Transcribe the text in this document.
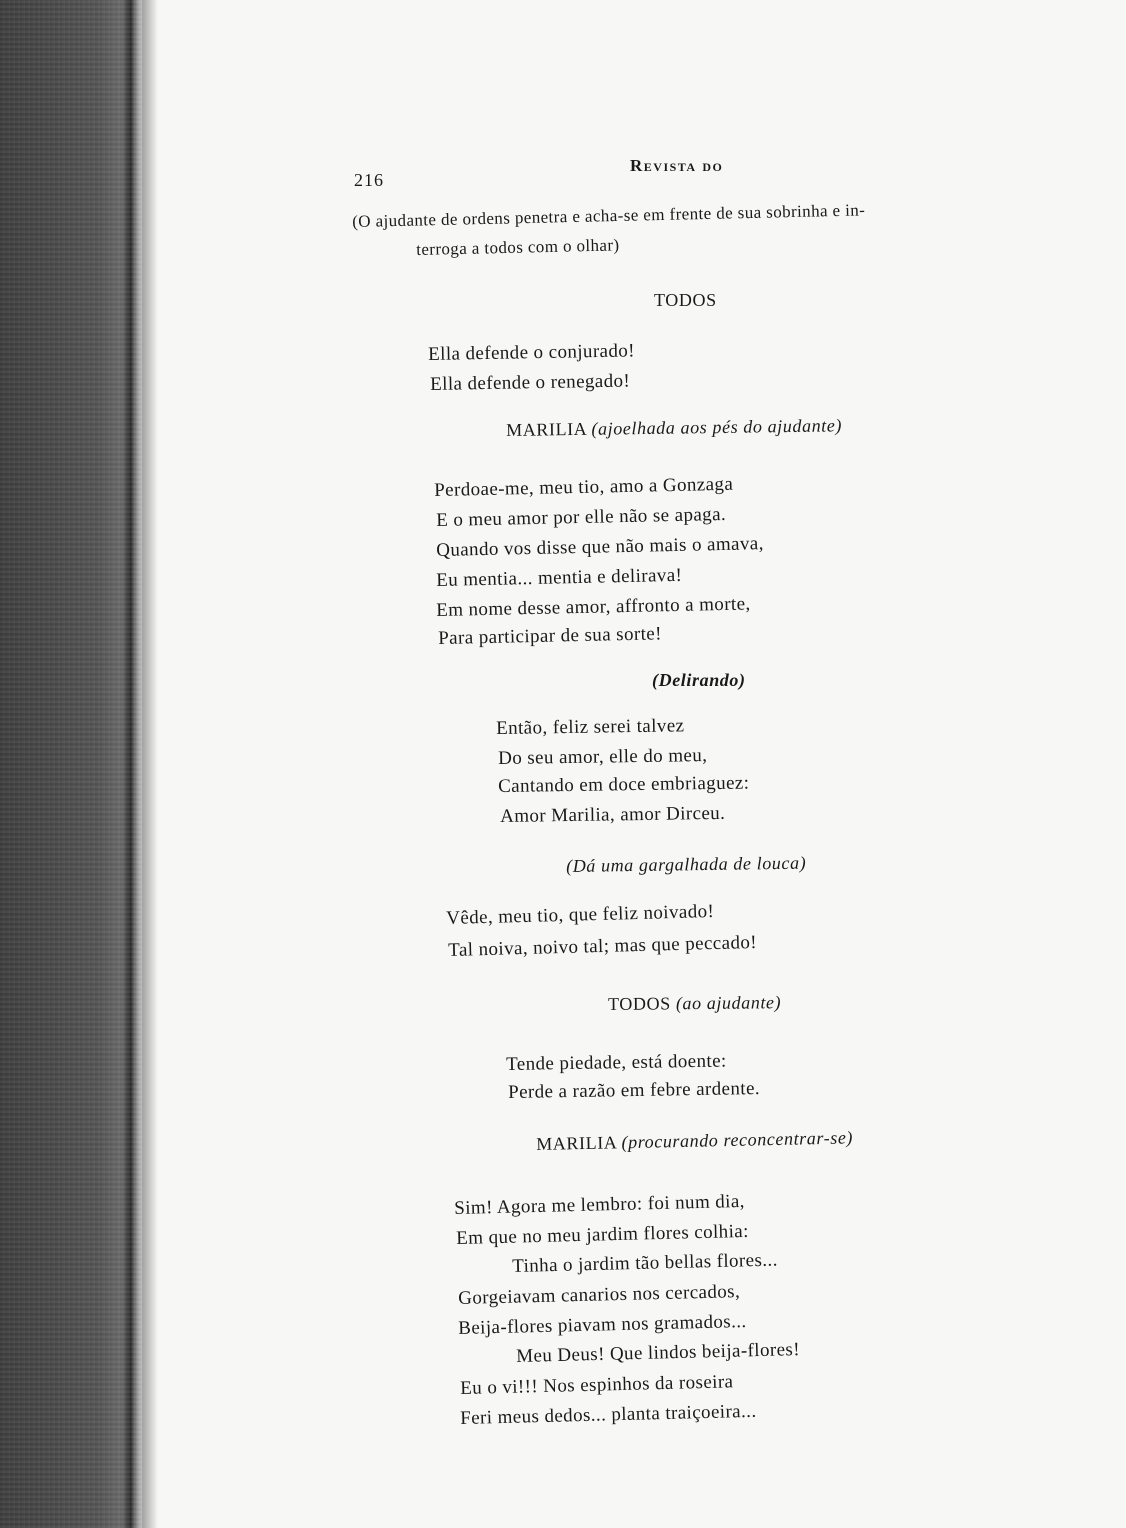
216
Revista do
(O ajudante de ordens penetra e acha-se em frente de sua sobrinha e in-
terroga a todos com o olhar)
TODOS
Ella defende o conjurado!
Ella defende o renegado!
MARILIA (ajoelhada aos pés do ajudante)
Perdoae-me, meu tio, amo a Gonzaga
E o meu amor por elle não se apaga.
Quando vos disse que não mais o amava,
Eu mentia... mentia e delirava!
Em nome desse amor, affronto a morte,
Para participar de sua sorte!
(Delirando)
Então, feliz serei talvez
Do seu amor, elle do meu,
Cantando em doce embriaguez:
Amor Marilia, amor Dirceu.
(Dá uma gargalhada de louca)
Vêde, meu tio, que feliz noivado!
Tal noiva, noivo tal; mas que peccado!
TODOS (ao ajudante)
Tende piedade, está doente:
Perde a razão em febre ardente.
MARILIA (procurando reconcentrar-se)
Sim! Agora me lembro: foi num dia,
Em que no meu jardim flores colhia:
Tinha o jardim tão bellas flores...
Gorgeiavam canarios nos cercados,
Beija-flores piavam nos gramados...
Meu Deus! Que lindos beija-flores!
Eu o vi!!! Nos espinhos da roseira
Feri meus dedos... planta traiçoeira...
